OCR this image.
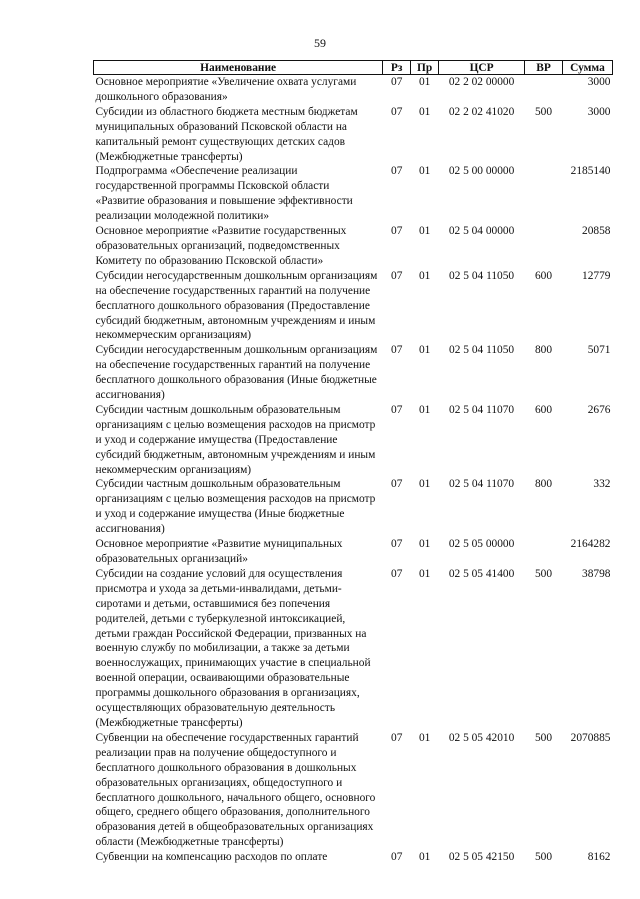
59
Наименование	Рз	Пр	ЦСР	ВР	Сумма
Основное мероприятие «Увеличение охвата услугами дошкольного образования»	07	01	02 2 02 00000		3000
Субсидии из областного бюджета местным бюджетам муниципальных образований Псковской области на капитальный ремонт существующих детских садов (Межбюджетные трансферты)	07	01	02 2 02 41020	500	3000
Подпрограмма «Обеспечение реализации государственной программы Псковской области «Развитие образования и повышение эффективности реализации молодежной политики»	07	01	02 5 00 00000		2185140
Основное мероприятие «Развитие государственных образовательных организаций, подведомственных Комитету по образованию Псковской области»	07	01	02 5 04 00000		20858
Субсидии негосударственным дошкольным организациям на обеспечение государственных гарантий на получение бесплатного дошкольного образования (Предоставление субсидий бюджетным, автономным учреждениям и иным некоммерческим организациям)	07	01	02 5 04 11050	600	12779
Субсидии негосударственным дошкольным организациям на обеспечение государственных гарантий на получение бесплатного дошкольного образования (Иные бюджетные ассигнования)	07	01	02 5 04 11050	800	5071
Субсидии частным дошкольным образовательным организациям с целью возмещения расходов на присмотр и уход и содержание имущества (Предоставление субсидий бюджетным, автономным учреждениям и иным некоммерческим организациям)	07	01	02 5 04 11070	600	2676
Субсидии частным дошкольным образовательным организациям с целью возмещения расходов на присмотр и уход и содержание имущества (Иные бюджетные ассигнования)	07	01	02 5 04 11070	800	332
Основное мероприятие «Развитие муниципальных образовательных организаций»	07	01	02 5 05 00000		2164282
Субсидии на создание условий для осуществления присмотра и ухода за детьми-инвалидами, детьми-сиротами и детьми, оставшимися без попечения родителей, детьми с туберкулезной интоксикацией, детьми граждан Российской Федерации, призванных на военную службу по мобилизации, а также за детьми военнослужащих, принимающих участие в специальной военной операции, осваивающими образовательные программы дошкольного образования в организациях, осуществляющих образовательную деятельность (Межбюджетные трансферты)	07	01	02 5 05 41400	500	38798
Субвенции на обеспечение государственных гарантий реализации прав на получение общедоступного и бесплатного дошкольного образования в дошкольных образовательных организациях, общедоступного и бесплатного дошкольного, начального общего, основного общего, среднего общего образования, дополнительного образования детей в общеобразовательных организациях области (Межбюджетные трансферты)	07	01	02 5 05 42010	500	2070885
Субвенции на компенсацию расходов по оплате	07	01	02 5 05 42150	500	8162
